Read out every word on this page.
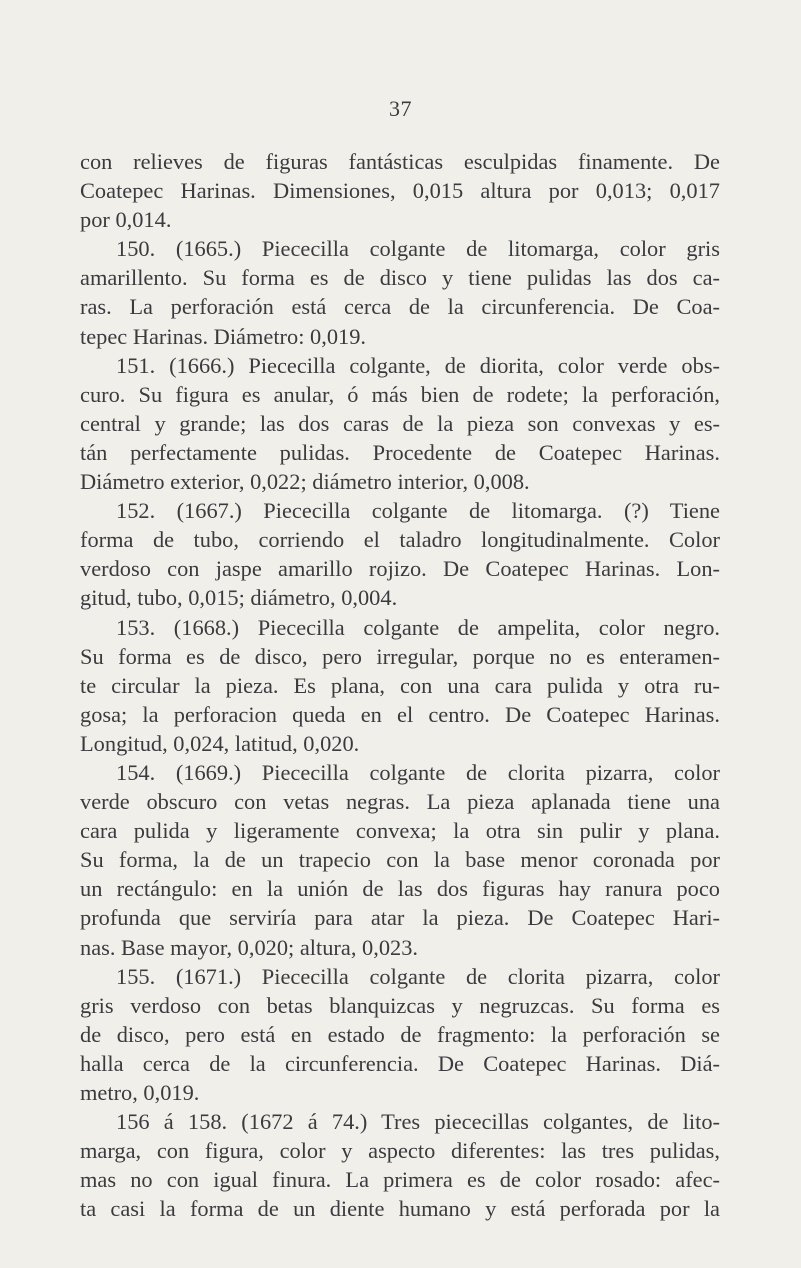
37
con relieves de figuras fantásticas esculpidas finamente. De
Coatepec Harinas. Dimensiones, 0,015 altura por 0,013; 0,017
por 0,014.
150. (1665.) Piececilla colgante de litomarga, color gris
amarillento. Su forma es de disco y tiene pulidas las dos ca-
ras. La perforación está cerca de la circunferencia. De Coa-
tepec Harinas. Diámetro: 0,019.
151. (1666.) Piececilla colgante, de diorita, color verde obs-
curo. Su figura es anular, ó más bien de rodete; la perforación,
central y grande; las dos caras de la pieza son convexas y es-
tán perfectamente pulidas. Procedente de Coatepec Harinas.
Diámetro exterior, 0,022; diámetro interior, 0,008.
152. (1667.) Piececilla colgante de litomarga. (?) Tiene
forma de tubo, corriendo el taladro longitudinalmente. Color
verdoso con jaspe amarillo rojizo. De Coatepec Harinas. Lon-
gitud, tubo, 0,015; diámetro, 0,004.
153. (1668.) Piececilla colgante de ampelita, color negro.
Su forma es de disco, pero irregular, porque no es enteramen-
te circular la pieza. Es plana, con una cara pulida y otra ru-
gosa; la perforacion queda en el centro. De Coatepec Harinas.
Longitud, 0,024, latitud, 0,020.
154. (1669.) Piececilla colgante de clorita pizarra, color
verde obscuro con vetas negras. La pieza aplanada tiene una
cara pulida y ligeramente convexa; la otra sin pulir y plana.
Su forma, la de un trapecio con la base menor coronada por
un rectángulo: en la unión de las dos figuras hay ranura poco
profunda que serviría para atar la pieza. De Coatepec Hari-
nas. Base mayor, 0,020; altura, 0,023.
155. (1671.) Piececilla colgante de clorita pizarra, color
gris verdoso con betas blanquizcas y negruzcas. Su forma es
de disco, pero está en estado de fragmento: la perforación se
halla cerca de la circunferencia. De Coatepec Harinas. Diá-
metro, 0,019.
156 á 158. (1672 á 74.) Tres piececillas colgantes, de lito-
marga, con figura, color y aspecto diferentes: las tres pulidas,
mas no con igual finura. La primera es de color rosado: afec-
ta casi la forma de un diente humano y está perforada por la
